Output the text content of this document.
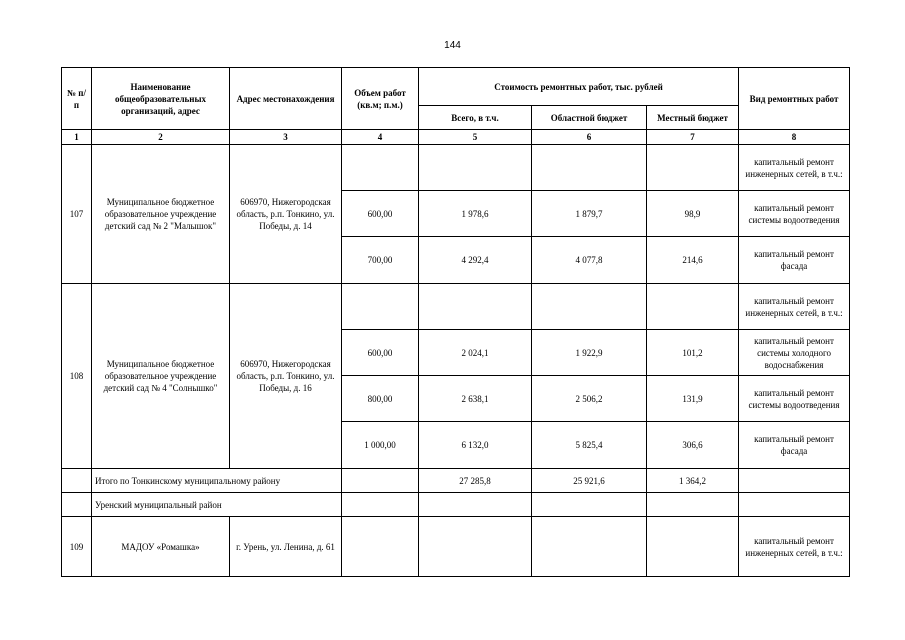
144
№ п/п	Наименование общеобразовательных организаций, адрес	Адрес местонахождения	Объем работ (кв.м; п.м.)	Стоимость ремонтных работ, тыс. рублей			Вид ремонтных работ
				Всего, в т.ч.	Областной бюджет	Местный бюджет	
1	2	3	4	5	6	7	8
107	Муниципальное бюджетное образовательное учреждение детский сад № 2 "Малышок"	606970, Нижегородская область, р.п. Тонкино, ул. Победы, д. 14					капитальный ремонт инженерных сетей, в т.ч.:
			600,00	1 978,6	1 879,7	98,9	капитальный ремонт системы водоотведения
			700,00	4 292,4	4 077,8	214,6	капитальный ремонт фасада
108	Муниципальное бюджетное образовательное учреждение детский сад № 4 "Солнышко"	606970, Нижегородская область, р.п. Тонкино, ул. Победы, д. 16					капитальный ремонт инженерных сетей, в т.ч.:
			600,00	2 024,1	1 922,9	101,2	капитальный ремонт системы холодного водоснабжения
			800,00	2 638,1	2 506,2	131,9	капитальный ремонт системы водоотведения
			1 000,00	6 132,0	5 825,4	306,6	капитальный ремонт фасада
	Итого по Тонкинскому муниципальному району			27 285,8	25 921,6	1 364,2	
	Уренский муниципальный район						
109	МАДОУ «Ромашка»	г. Урень, ул. Ленина, д. 61					капитальный ремонт инженерных сетей, в т.ч.:
